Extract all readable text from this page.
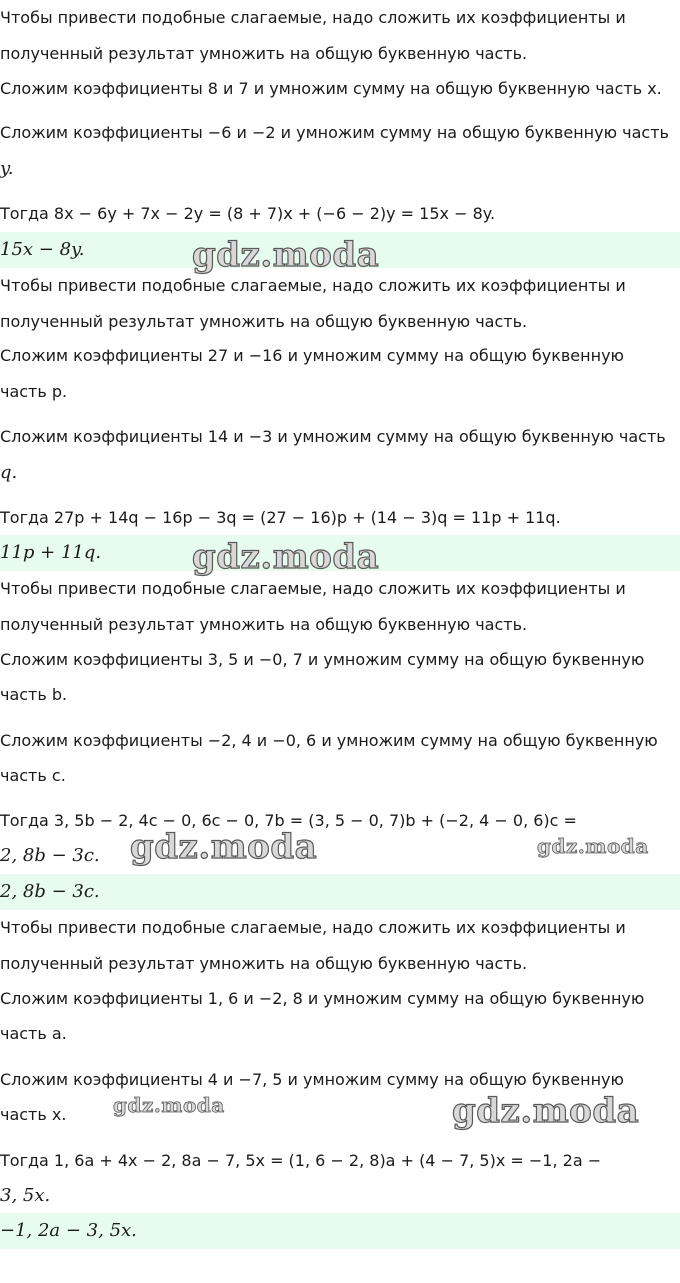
Чтобы привести подобные слагаемые, надо сложить их коэффициенты и
полученный результат умножить на общую буквенную часть.
Сложим коэффициенты 8 и 7 и умножим сумму на общую буквенную часть x.
Сложим коэффициенты −6 и −2 и умножим сумму на общую буквенную часть
y.
Тогда 8x − 6y + 7x − 2y = (8 + 7)x + (−6 − 2)y = 15x − 8y.
15x − 8y.
Чтобы привести подобные слагаемые, надо сложить их коэффициенты и
полученный результат умножить на общую буквенную часть.
Сложим коэффициенты 27 и −16 и умножим сумму на общую буквенную
часть p.
Сложим коэффициенты 14 и −3 и умножим сумму на общую буквенную часть
q.
Тогда 27p + 14q − 16p − 3q = (27 − 16)p + (14 − 3)q = 11p + 11q.
11p + 11q.
Чтобы привести подобные слагаемые, надо сложить их коэффициенты и
полученный результат умножить на общую буквенную часть.
Сложим коэффициенты 3, 5 и −0, 7 и умножим сумму на общую буквенную
часть b.
Сложим коэффициенты −2, 4 и −0, 6 и умножим сумму на общую буквенную
часть c.
Тогда 3, 5b − 2, 4c − 0, 6c − 0, 7b = (3, 5 − 0, 7)b + (−2, 4 − 0, 6)c =
2, 8b − 3c.
2, 8b − 3c.
Чтобы привести подобные слагаемые, надо сложить их коэффициенты и
полученный результат умножить на общую буквенную часть.
Сложим коэффициенты 1, 6 и −2, 8 и умножим сумму на общую буквенную
часть a.
Сложим коэффициенты 4 и −7, 5 и умножим сумму на общую буквенную
часть x.
Тогда 1, 6a + 4x − 2, 8a − 7, 5x = (1, 6 − 2, 8)a + (4 − 7, 5)x = −1, 2a −
3, 5x.
−1, 2a − 3, 5x.
gdz.moda
gdz.moda
gdz.moda	gdz.moda
gdz.moda	gdz.moda
